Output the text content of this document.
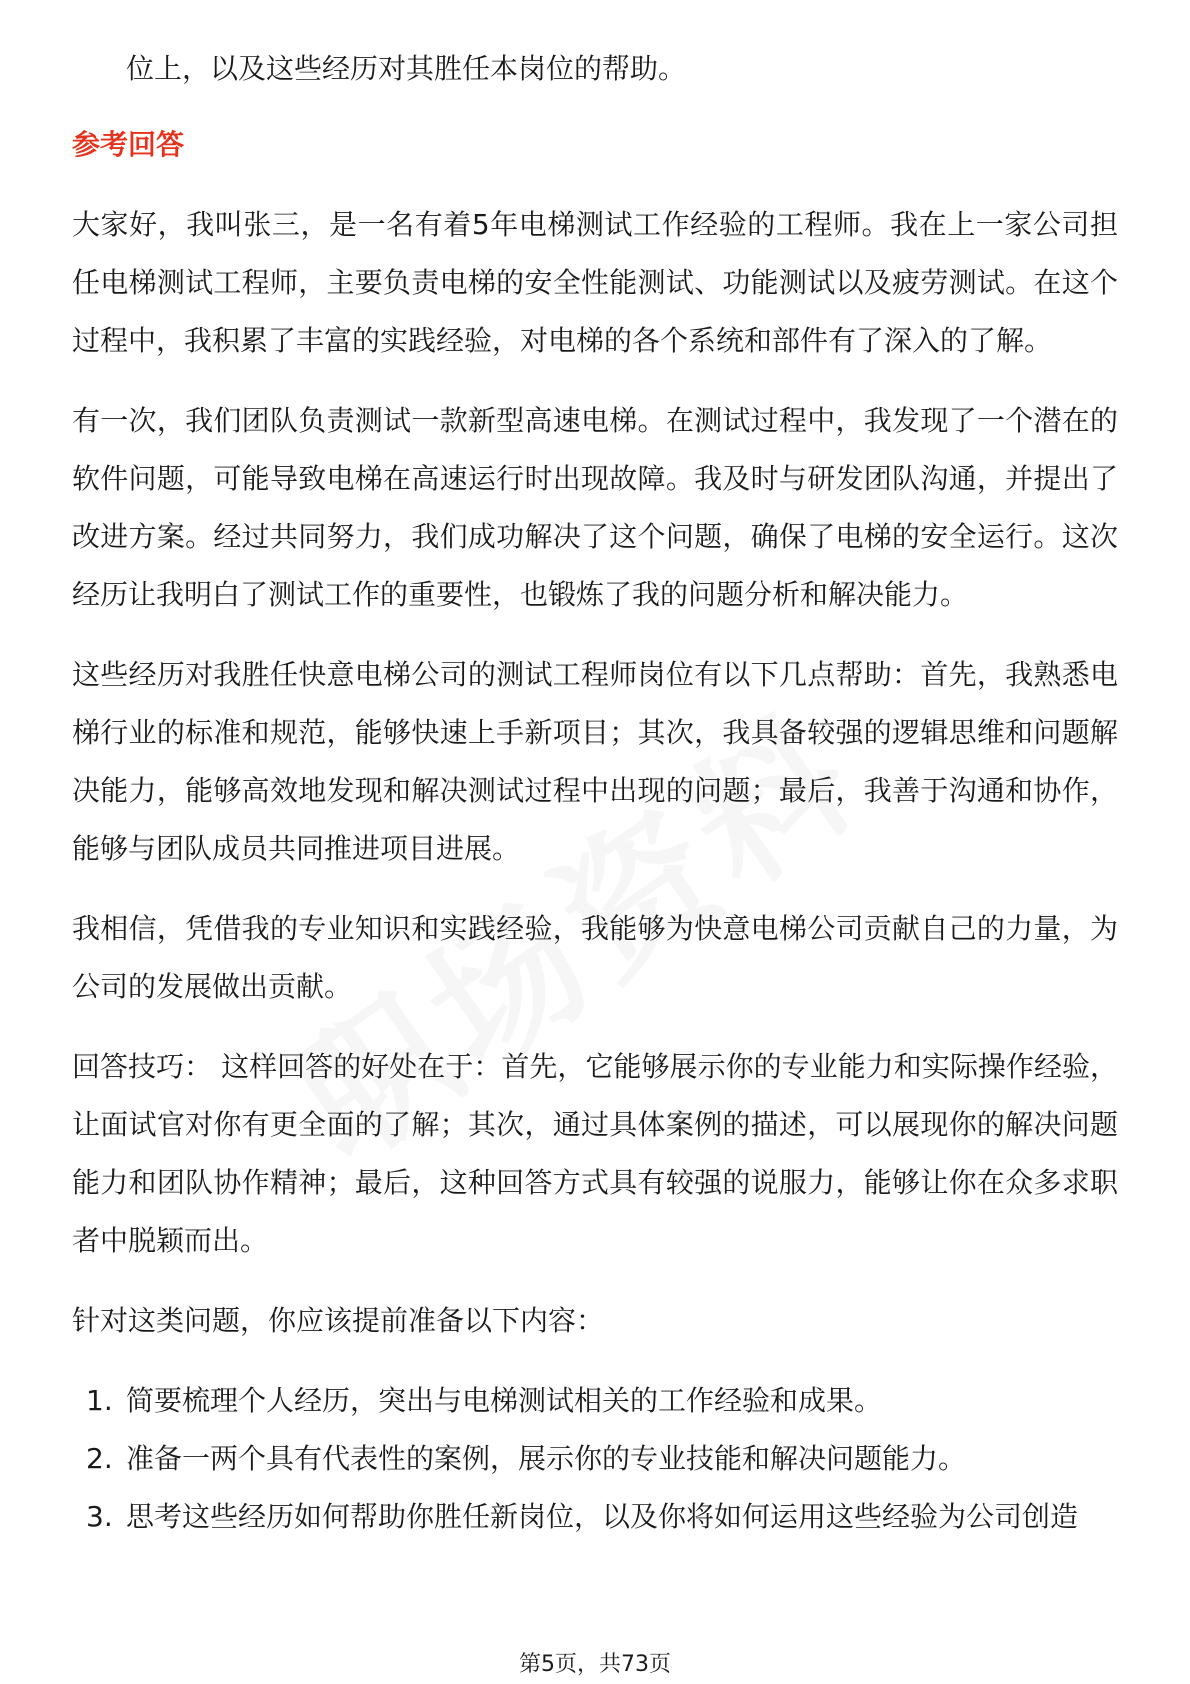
位上，以及这些经历对其胜任本岗位的帮助。

参考回答

大家好，我叫张三，是一名有着5年电梯测试工作经验的工程师。我在上一家公司担任电梯测试工程师，主要负责电梯的安全性能测试、功能测试以及疲劳测试。在这个过程中，我积累了丰富的实践经验，对电梯的各个系统和部件有了深入的了解。

有一次，我们团队负责测试一款新型高速电梯。在测试过程中，我发现了一个潜在的软件问题，可能导致电梯在高速运行时出现故障。我及时与研发团队沟通，并提出了改进方案。经过共同努力，我们成功解决了这个问题，确保了电梯的安全运行。这次经历让我明白了测试工作的重要性，也锻炼了我的问题分析和解决能力。

这些经历对我胜任快意电梯公司的测试工程师岗位有以下几点帮助：首先，我熟悉电梯行业的标准和规范，能够快速上手新项目；其次，我具备较强的逻辑思维和问题解决能力，能够高效地发现和解决测试过程中出现的问题；最后，我善于沟通和协作，能够与团队成员共同推进项目进展。

我相信，凭借我的专业知识和实践经验，我能够为快意电梯公司贡献自己的力量，为公司的发展做出贡献。

回答技巧： 这样回答的好处在于：首先，它能够展示你的专业能力和实际操作经验，让面试官对你有更全面的了解；其次，通过具体案例的描述，可以展现你的解决问题能力和团队协作精神；最后，这种回答方式具有较强的说服力，能够让你在众多求职者中脱颖而出。

针对这类问题，你应该提前准备以下内容：

1. 简要梳理个人经历，突出与电梯测试相关的工作经验和成果。
2. 准备一两个具有代表性的案例，展示你的专业技能和解决问题能力。
3. 思考这些经历如何帮助你胜任新岗位，以及你将如何运用这些经验为公司创造
第5页，共73页
